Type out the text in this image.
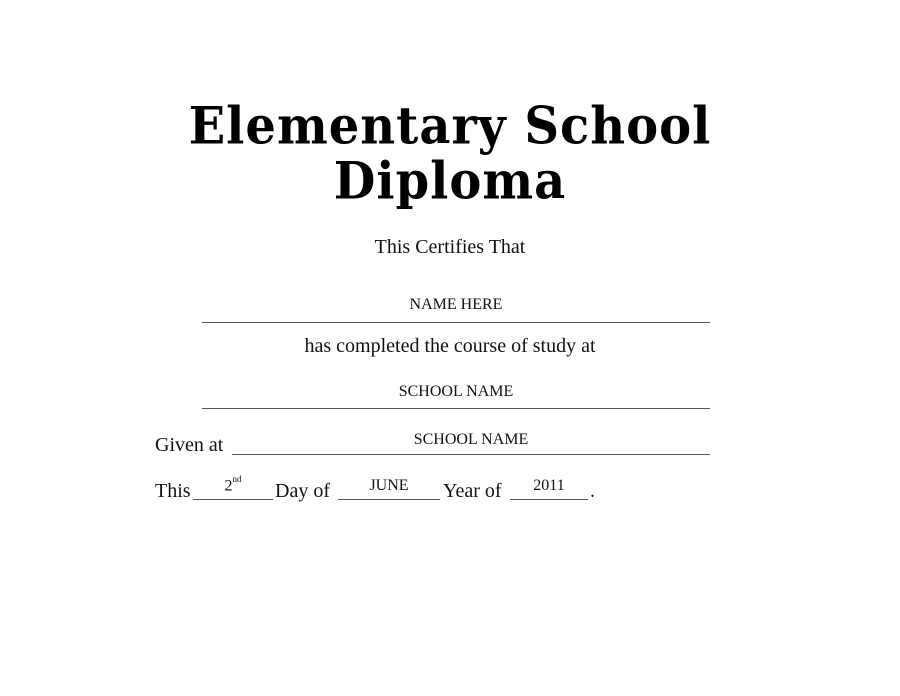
Elementary School
Diploma
This Certifies That
NAME HERE
has completed the course of study at
SCHOOL NAME
Given at	SCHOOL NAME
This	2nd
Day of	JUNE	Year of	2011	.
